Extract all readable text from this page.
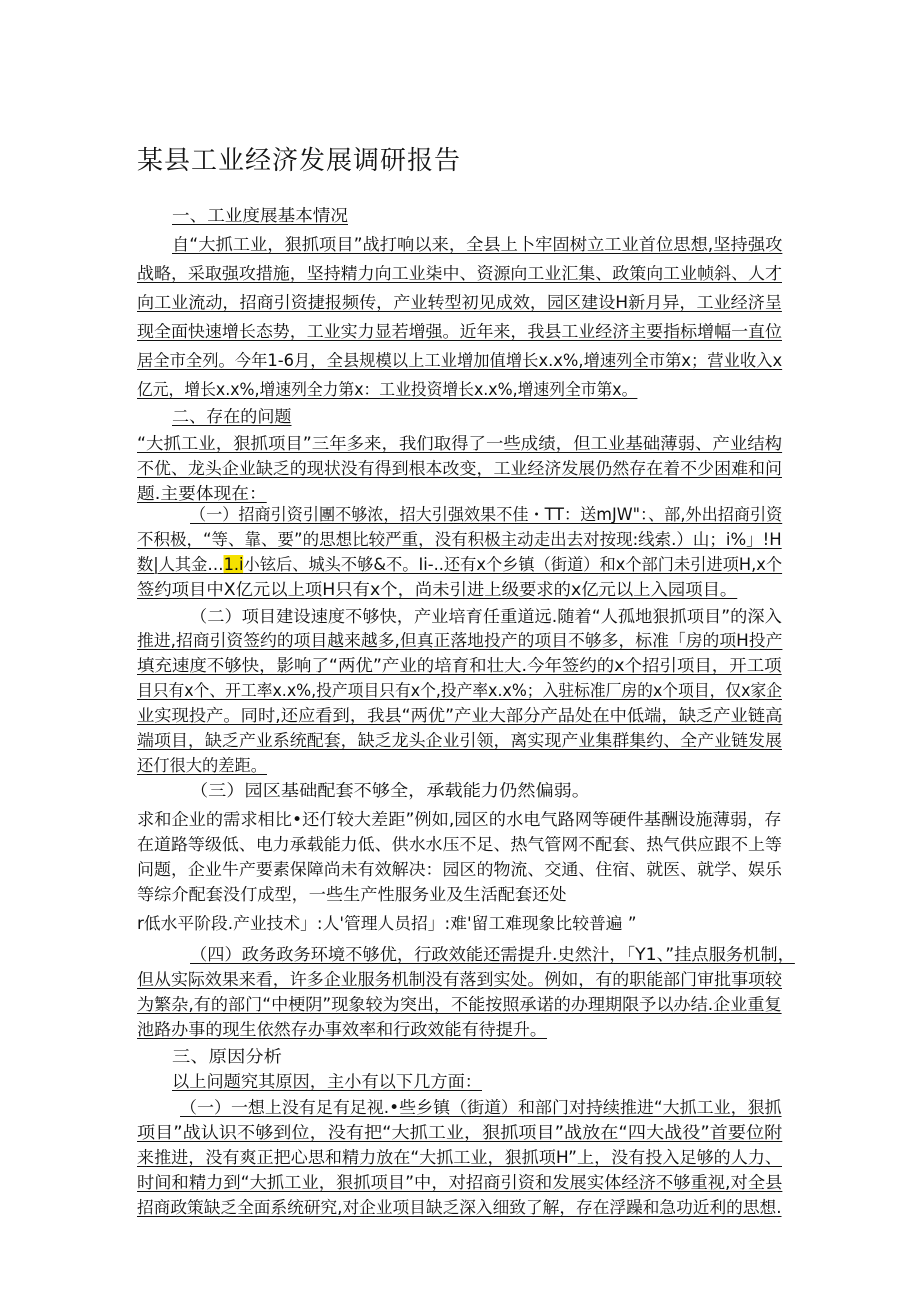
某县工业经济发展调研报告
一、工业度展基本情况
自“大抓工业，狠抓项目”战打响以来，全县上卜牢固树立工业首位思想,坚持强攻
战略，采取强攻措施，坚持精力向工业柒中、资源向工业汇集、政策向工业帧斜、人才
向工业流动，招商引资捷报频传，产业转型初见成效，园区建设H新月异，工业经济呈
现全面快速增长态势，工业实力显若增强。近年来，我县工业经济主要指标增幅一直位
居全市全列。今年1-6月，全县规模以上工业增加值增长x.x%,增速列全市第x；营业收入x
亿元，增长x.x%,增速列全力第x：工业投资增长x.x%,增速列全市第x。
二、存在的问题
“大抓工业，狠抓项目”三年多来，我们取得了一些成绩，但工业基础薄弱、产业结构
不优、龙头企业缺乏的现状没有得到根本改变，工业经济发展仍然存在着不少困难和问
题.主要体现在：
（一）招商引资引團不够浓，招大引强效果不佳・TT：送mJW"：、部,外出招商引资
不积极，“等、靠、要”的思想比较严重，没有积极主动走出去对按现:线索.）山；i%」!H
数|人其金…1.i小铉后、城头不够&不。Ii-..还有x个乡镇（街道）和x个部门未引进项H,x个
签约项目中X亿元以上项H只有x个，尚未引进上级要求的x亿元以上入园项目。
（二）项目建设速度不够快，产业培育任重道远.随着“人孤地狠抓项目”的深入
推进,招商引资签约的项目越来越多,但真正落地投产的项目不够多，标准「房的项H投产
填充速度不够快，影响了“两优”产业的培育和壮大.今年签约的x个招引项目，开工项
目只有x个、开工率x.x%,投产项目只有x个,投产率x.x%；入驻标准厂房的x个项目，仅x家企
业实现投产。同时,还应看到，我县“两优”产业大部分产品处在中低端，缺乏产业链高
端项目，缺乏产业系统配套，缺乏龙头企业引领，离实现产业集群集约、全产业链发展
还仃很大的差距。
（三）园区基础配套不够全，承载能力仍然偏弱。
求和企业的需求相比•还仃较大差距”例如,园区的水电气路网等硬件基酬设施薄弱，存
在道路等级低、电力承载能力低、供水水压不足、热气管网不配套、热气供应跟不上等
问题，企业牛产要素保障尚未有效解决：园区的物流、交通、住宿、就医、就学、娱乐
等综介配套没仃成型，一些生产性服务业及生活配套还处
r低水平阶段.产业技术」:人'管理人员招」:难'留工难现象比较普遍 ”
（四）政务政务环境不够优，行政效能还需提升.史然汁，「Y1、”挂点服务机制，
但从实际效果来看，许多企业服务机制没有落到实处。例如，有的职能部门审批事项较
为繁杂,有的部门“中梗阴”现象较为突出，不能按照承诺的办理期限予以办结.企业重复
池路办事的现生依然存办事效率和行政效能有待提升。
三、原因分析
以上问题究其原因，主小有以下几方面：
（一）一想上没有足有足视.•些乡镇（街道）和部门对持续推进“大抓工业，狠抓
项目”战认识不够到位，没有把“大抓工业，狠抓项目”战放在“四大战役”首要位附
来推进，没有爽正把心思和精力放在“大抓工业，狠抓项H”上，没有投入足够的人力、
时间和精力到“大抓工业，狠抓项目”中，对招商引资和发展实体经济不够重视,对全县
招商政策缺乏全面系统研究,对企业项目缺乏深入细致了解，存在浮躁和急功近利的思想.
